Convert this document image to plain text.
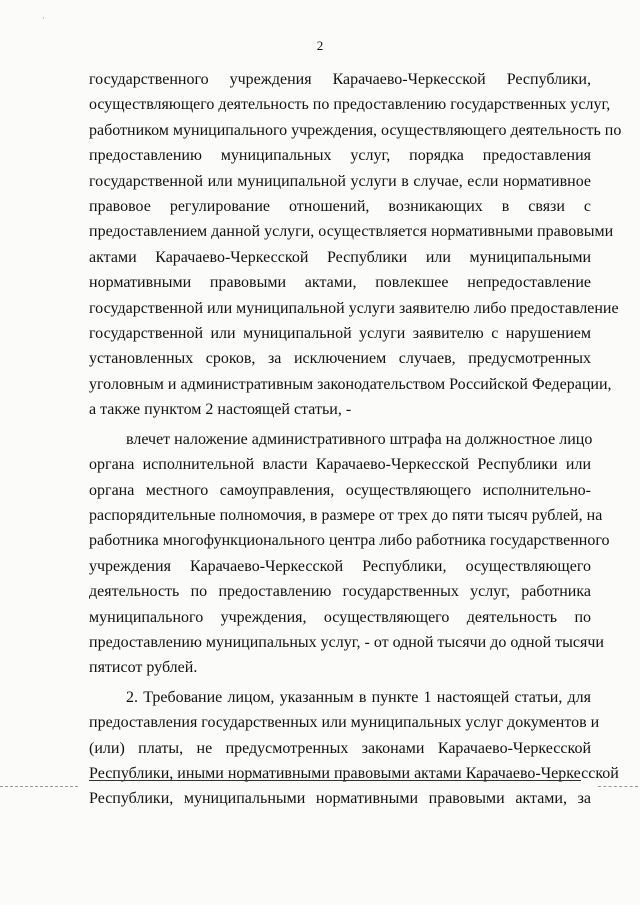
2
·
государственного учреждения Карачаево-Черкесской Республики,
осуществляющего деятельность по предоставлению государственных услуг,
работником муниципального учреждения, осуществляющего деятельность по
предоставлению муниципальных услуг, порядка предоставления
государственной или муниципальной услуги в случае, если нормативное
правовое регулирование отношений, возникающих в связи с
предоставлением данной услуги, осуществляется нормативными правовыми
актами Карачаево-Черкесской Республики или муниципальными
нормативными правовыми актами, повлекшее непредоставление
государственной или муниципальной услуги заявителю либо предоставление
государственной или муниципальной услуги заявителю с нарушением
установленных сроков, за исключением случаев, предусмотренных
уголовным и административным законодательством Российской Федерации,
а также пунктом 2 настоящей статьи, -
влечет наложение административного штрафа на должностное лицо
органа исполнительной власти Карачаево-Черкесской Республики или
органа местного самоуправления, осуществляющего исполнительно-
распорядительные полномочия, в размере от трех до пяти тысяч рублей, на
работника многофункционального центра либо работника государственного
учреждения Карачаево-Черкесской Республики, осуществляющего
деятельность по предоставлению государственных услуг, работника
муниципального учреждения, осуществляющего деятельность по
предоставлению муниципальных услуг, - от одной тысячи до одной тысячи
пятисот рублей.
2. Требование лицом, указанным в пункте 1 настоящей статьи, для
предоставления государственных или муниципальных услуг документов и
(или) платы, не предусмотренных законами Карачаево-Черкесской
Республики, иными нормативными правовыми актами Карачаево-Черкесской
Республики, муниципальными нормативными правовыми актами, за
